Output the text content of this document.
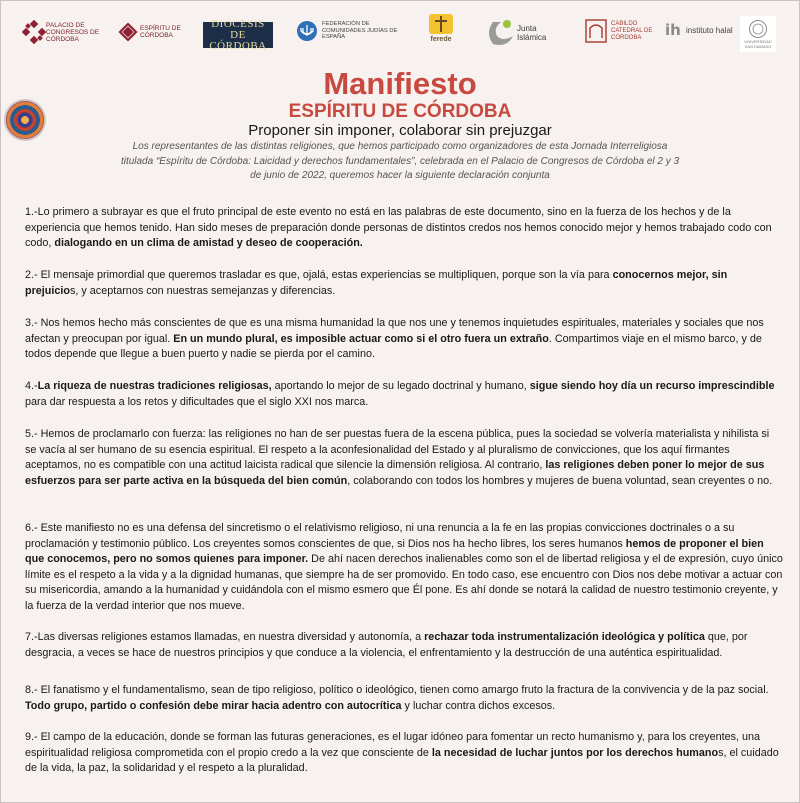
PALACIO DE CONGRESOS DE CÓRDOBA
ESPÍRITU DE CÓRDOBA
DIÓCESIS DE CÓRDOBA
FEDERACIÓN DE COMUNIDADES JUDÍAS DE ESPAÑA	ferede
Junta Islámica
CABILDO CATEDRAL DE CÓRDOBA	ih instituto halal
UNIVERSIDAD SAN DÁMASO
Manifiesto
ESPÍRITU DE CÓRDOBA
Proponer sin imponer, colaborar sin prejuzgar
Los representantes de las distintas religiones, que hemos participado como organizadores de esta Jornada Interreligiosa titulada “Espíritu de Córdoba: Laicidad y derechos fundamentales”, celebrada en el Palacio de Congresos de Córdoba el 2 y 3 de junio de 2022, queremos hacer la siguiente declaración conjunta
1.-Lo primero a subrayar es que el fruto principal de este evento no está en las palabras de este documento, sino en la fuerza de los hechos y de la experiencia que hemos tenido. Han sido meses de preparación donde personas de distintos credos nos hemos conocido mejor y hemos trabajado codo con codo, dialogando en un clima de amistad y deseo de cooperación.
2.- El mensaje primordial que queremos trasladar es que, ojalá, estas experiencias se multipliquen, porque son la vía para conocernos mejor, sin prejuicios, y aceptarnos con nuestras semejanzas y diferencias.
3.- Nos hemos hecho más conscientes de que es una misma humanidad la que nos une y tenemos inquietudes espirituales, materiales y sociales que nos afectan y preocupan por igual. En un mundo plural, es imposible actuar como si el otro fuera un extraño. Compartimos viaje en el mismo barco, y de todos depende que llegue a buen puerto y nadie se pierda por el camino.
4.-La riqueza de nuestras tradiciones religiosas, aportando lo mejor de su legado doctrinal y humano, sigue siendo hoy día un recurso imprescindible para dar respuesta a los retos y dificultades que el siglo XXI nos marca.
5.- Hemos de proclamarlo con fuerza: las religiones no han de ser puestas fuera de la escena pública, pues la sociedad se volvería materialista y nihilista si se vacía al ser humano de su esencia espiritual. El respeto a la aconfesionalidad del Estado y al pluralismo de convicciones, que los aquí firmantes aceptamos, no es compatible con una actitud laicista radical que silencie la dimensión religiosa. Al contrario, las religiones deben poner lo mejor de sus esfuerzos para ser parte activa en la búsqueda del bien común, colaborando con todos los hombres y mujeres de buena voluntad, sean creyentes o no.
6.- Este manifiesto no es una defensa del sincretismo o el relativismo religioso, ni una renuncia a la fe en las propias convicciones doctrinales o a su proclamación y testimonio público. Los creyentes somos conscientes de que, si Dios nos ha hecho libres, los seres humanos hemos de proponer el bien que conocemos, pero no somos quienes para imponer. De ahí nacen derechos inalienables como son el de libertad religiosa y el de expresión, cuyo único límite es el respeto a la vida y a la dignidad humanas, que siempre ha de ser promovido. En todo caso, ese encuentro con Dios nos debe motivar a actuar con su misericordia, amando a la humanidad y cuidándola con el mismo esmero que Él pone. Es ahí donde se notará la calidad de nuestro testimonio creyente, y la fuerza de la verdad interior que nos mueve.
7.-Las diversas religiones estamos llamadas, en nuestra diversidad y autonomía, a rechazar toda instrumentalización ideológica y política que, por desgracia, a veces se hace de nuestros principios y que conduce a la violencia, el enfrentamiento y la destrucción de una auténtica espiritualidad.
8.- El fanatismo y el fundamentalismo, sean de tipo religioso, político o ideológico, tienen como amargo fruto la fractura de la convivencia y de la paz social. Todo grupo, partido o confesión debe mirar hacia adentro con autocrítica y luchar contra dichos excesos.
9.- El campo de la educación, donde se forman las futuras generaciones, es el lugar idóneo para fomentar un recto humanismo y, para los creyentes, una espiritualidad religiosa comprometida con el propio credo a la vez que consciente de la necesidad de luchar juntos por los derechos humanos, el cuidado de la vida, la paz, la solidaridad y el respeto a la pluralidad.
